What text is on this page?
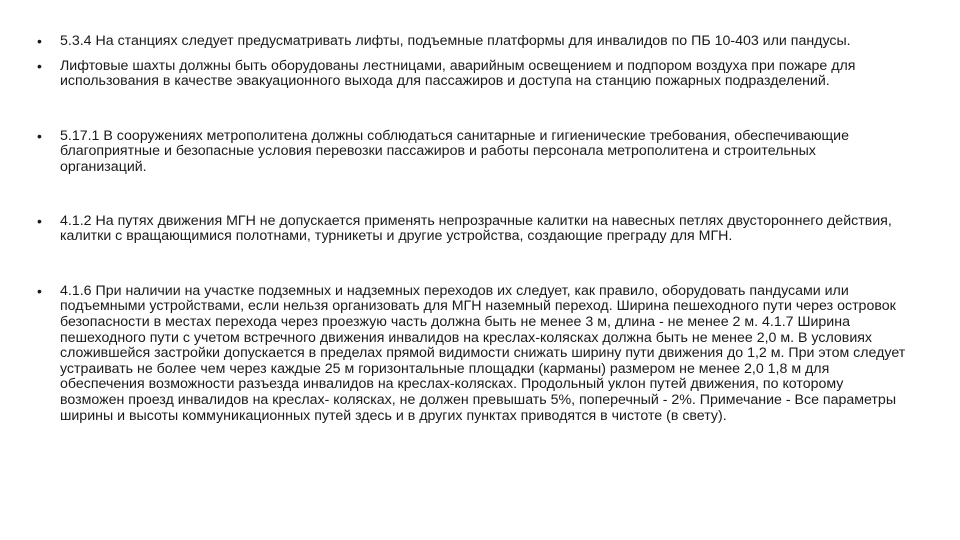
• 5.3.4 На станциях следует предусматривать лифты, подъемные платформы для инвалидов по ПБ 10-403 или пандусы.
• Лифтовые шахты должны быть оборудованы лестницами, аварийным освещением и подпором воздуха при пожаре для использования в качестве эвакуационного выхода для пассажиров и доступа на станцию пожарных подразделений.
• 5.17.1 В сооружениях метрополитена должны соблюдаться санитарные и гигиенические требования, обеспечивающие благоприятные и безопасные условия перевозки пассажиров и работы персонала метрополитена и строительных организаций.
• 4.1.2 На путях движения МГН не допускается применять непрозрачные калитки на навесных петлях двустороннего действия, калитки с вращающимися полотнами, турникеты и другие устройства, создающие преграду для МГН.
• 4.1.6 При наличии на участке подземных и надземных переходов их следует, как правило, оборудовать пандусами или подъемными устройствами, если нельзя организовать для МГН наземный переход. Ширина пешеходного пути через островок безопасности в местах перехода через проезжую часть должна быть не менее 3 м, длина - не менее 2 м. 4.1.7 Ширина пешеходного пути с учетом встречного движения инвалидов на креслах-колясках должна быть не менее 2,0 м. В условиях сложившейся застройки допускается в пределах прямой видимости снижать ширину пути движения до 1,2 м. При этом следует устраивать не более чем через каждые 25 м горизонтальные площадки (карманы) размером не менее 2,0 1,8 м для обеспечения возможности разъезда инвалидов на креслах-колясках. Продольный уклон путей движения, по которому возможен проезд инвалидов на креслах- колясках, не должен превышать 5%, поперечный - 2%. Примечание - Все параметры ширины и высоты коммуникационных путей здесь и в других пунктах приводятся в чистоте (в свету).
